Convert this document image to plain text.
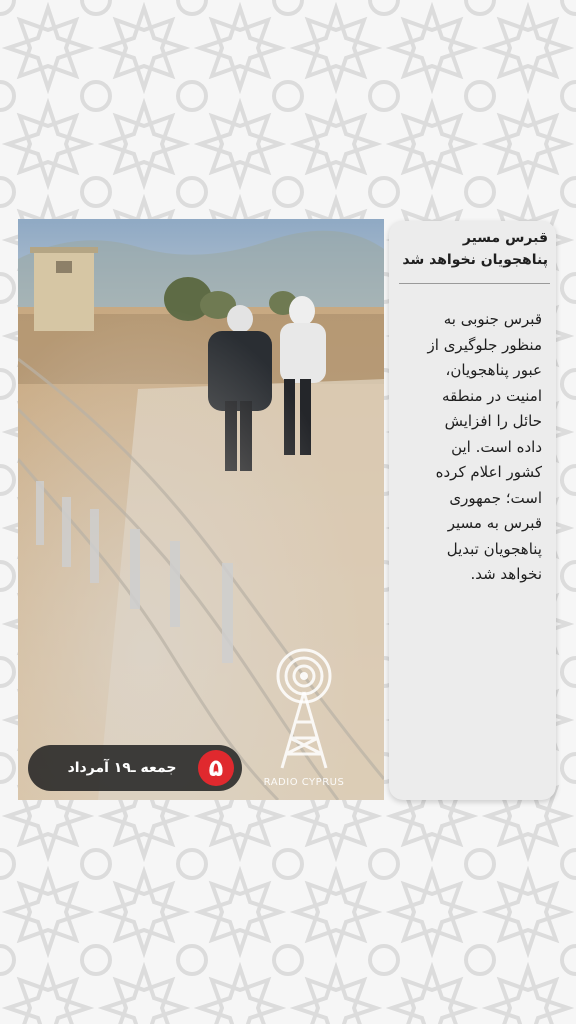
جمعه ـ۱۹ آمرداد	۵
RADIO CYPRUS
قبرس مسیر
پناهجویان نخواهد شد
قبرس جنوبی به
منظور جلوگیری از
عبور پناهجویان،
امنیت در منطقه
حائل را افزایش
داده است. این
کشور اعلام کرده
است؛ جمهوری
قبرس به مسیر
پناهجویان تبدیل
نخواهد شد.
